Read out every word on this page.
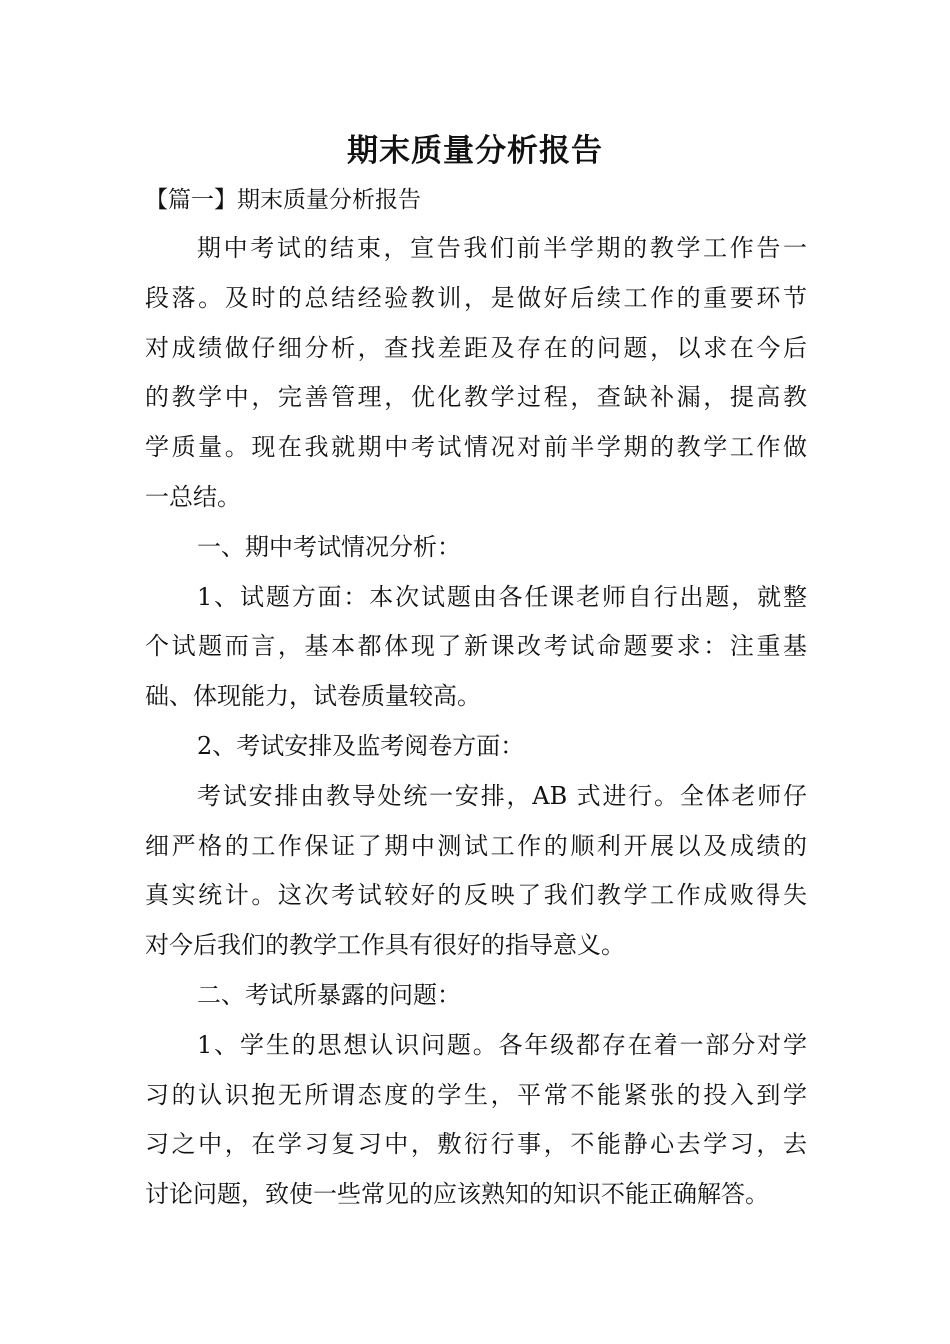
期末质量分析报告
【篇一】期末质量分析报告
期中考试的结束，宣告我们前半学期的教学工作告一
段落。及时的总结经验教训，是做好后续工作的重要环节
对成绩做仔细分析，查找差距及存在的问题，以求在今后
的教学中，完善管理，优化教学过程，查缺补漏，提高教
学质量。现在我就期中考试情况对前半学期的教学工作做
一总结。
一、期中考试情况分析：
1、试题方面：本次试题由各任课老师自行出题，就整
个试题而言，基本都体现了新课改考试命题要求：注重基
础、体现能力，试卷质量较高。
2、考试安排及监考阅卷方面：
考试安排由教导处统一安排，AB 式进行。全体老师仔
细严格的工作保证了期中测试工作的顺利开展以及成绩的
真实统计。这次考试较好的反映了我们教学工作成败得失
对今后我们的教学工作具有很好的指导意义。
二、考试所暴露的问题：
1、学生的思想认识问题。各年级都存在着一部分对学
习的认识抱无所谓态度的学生，平常不能紧张的投入到学
习之中，在学习复习中，敷衍行事，不能静心去学习，去
讨论问题，致使一些常见的应该熟知的知识不能正确解答。
